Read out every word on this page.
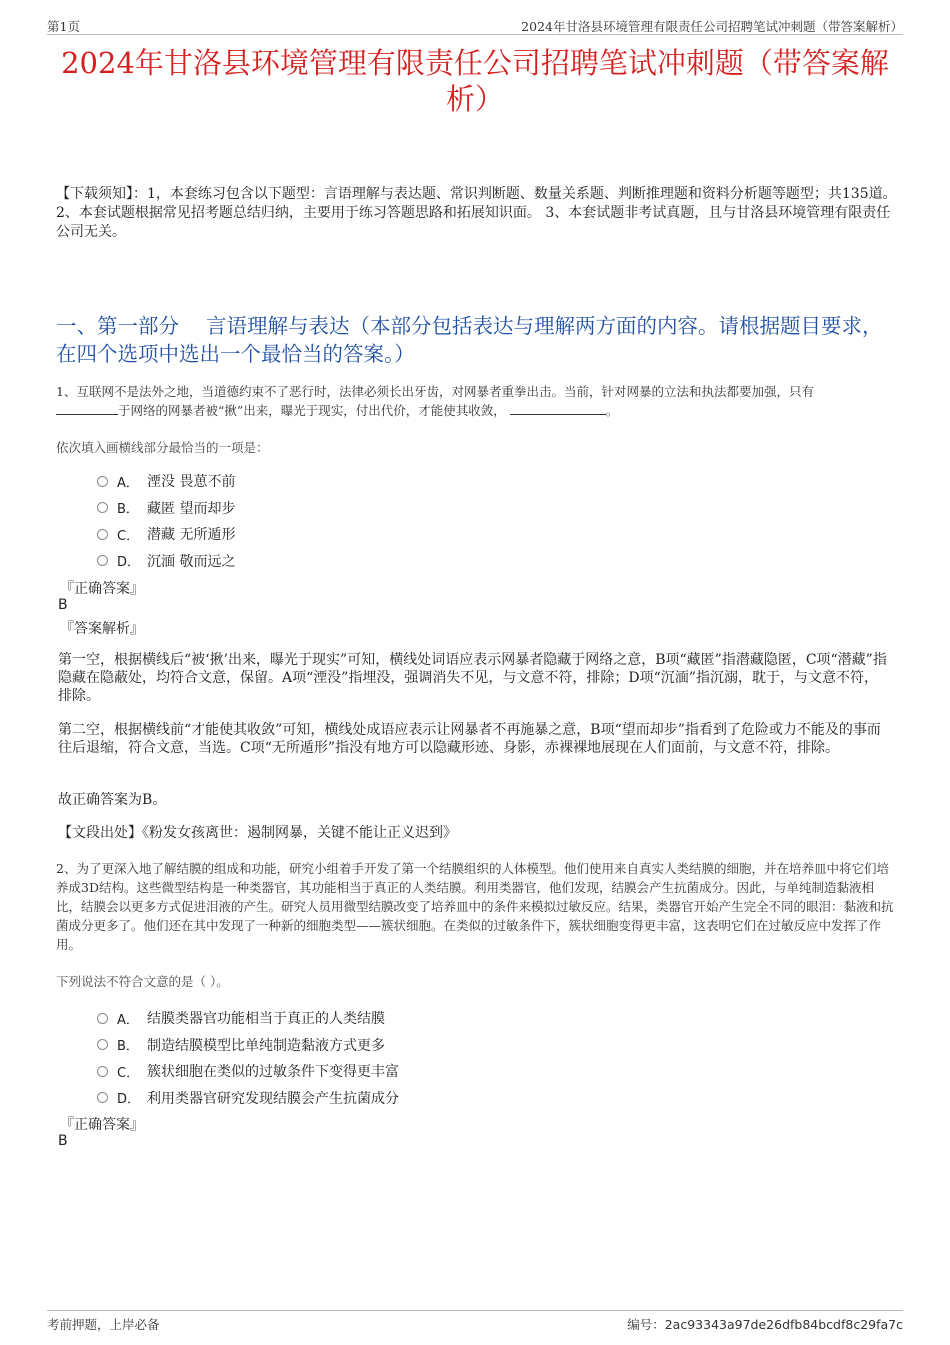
第1页	2024年甘洛县环境管理有限责任公司招聘笔试冲刺题（带答案解析）
2024年甘洛县环境管理有限责任公司招聘笔试冲刺题（带答案解析）
【下载须知】：1，本套练习包含以下题型：言语理解与表达题、常识判断题、数量关系题、判断推理题和资料分析题等题型；共135道。 2、本套试题根据常见招考题总结归纳，主要用于练习答题思路和拓展知识面。 3、本套试题非考试真题，且与甘洛县环境管理有限责任公司无关。
一、第一部分　 言语理解与表达（本部分包括表达与理解两方面的内容。请根据题目要求，在四个选项中选出一个最恰当的答案。）
1、互联网不是法外之地，当道德约束不了恶行时，法律必须长出牙齿，对网暴者重拳出击。当前，针对网暴的立法和执法都要加强，只有
于网络的网暴者被“揪”出来，曝光于现实，付出代价，才能使其收敛，	。
依次填入画横线部分最恰当的一项是：
A． 湮没 畏葸不前
B． 藏匿 望而却步
C． 潜藏 无所遁形
D． 沉湎 敬而远之
『正确答案』
B
『答案解析』
第一空，根据横线后“被‘揪’出来，曝光于现实”可知，横线处词语应表示网暴者隐藏于网络之意，B项“藏匿”指潜藏隐匿，C项“潜藏”指隐藏在隐蔽处，均符合文意，保留。A项“湮没”指埋没，强调消失不见，与文意不符，排除；D项“沉湎”指沉溺，耽于，与文意不符，排除。
第二空，根据横线前“才能使其收敛”可知，横线处成语应表示让网暴者不再施暴之意，B项“望而却步”指看到了危险或力不能及的事而往后退缩，符合文意，当选。C项“无所遁形”指没有地方可以隐藏形迹、身影，赤裸裸地展现在人们面前，与文意不符，排除。
故正确答案为B。
【文段出处】《粉发女孩离世：遏制网暴，关键不能让正义迟到》
2、为了更深入地了解结膜的组成和功能，研究小组着手开发了第一个结膜组织的人体模型。他们使用来自真实人类结膜的细胞，并在培养皿中将它们培养成3D结构。这些微型结构是一种类器官，其功能相当于真正的人类结膜。利用类器官，他们发现，结膜会产生抗菌成分。因此，与单纯制造黏液相比，结膜会以更多方式促进泪液的产生。研究人员用微型结膜改变了培养皿中的条件来模拟过敏反应。结果，类器官开始产生完全不同的眼泪：黏液和抗菌成分更多了。他们还在其中发现了一种新的细胞类型——簇状细胞。在类似的过敏条件下，簇状细胞变得更丰富，这表明它们在过敏反应中发挥了作用。
下列说法不符合文意的是（ ）。
A． 结膜类器官功能相当于真正的人类结膜
B． 制造结膜模型比单纯制造黏液方式更多
C． 簇状细胞在类似的过敏条件下变得更丰富
D． 利用类器官研究发现结膜会产生抗菌成分
『正确答案』
B
考前押题，上岸必备	编号：2ac93343a97de26dfb84bcdf8c29fa7c
